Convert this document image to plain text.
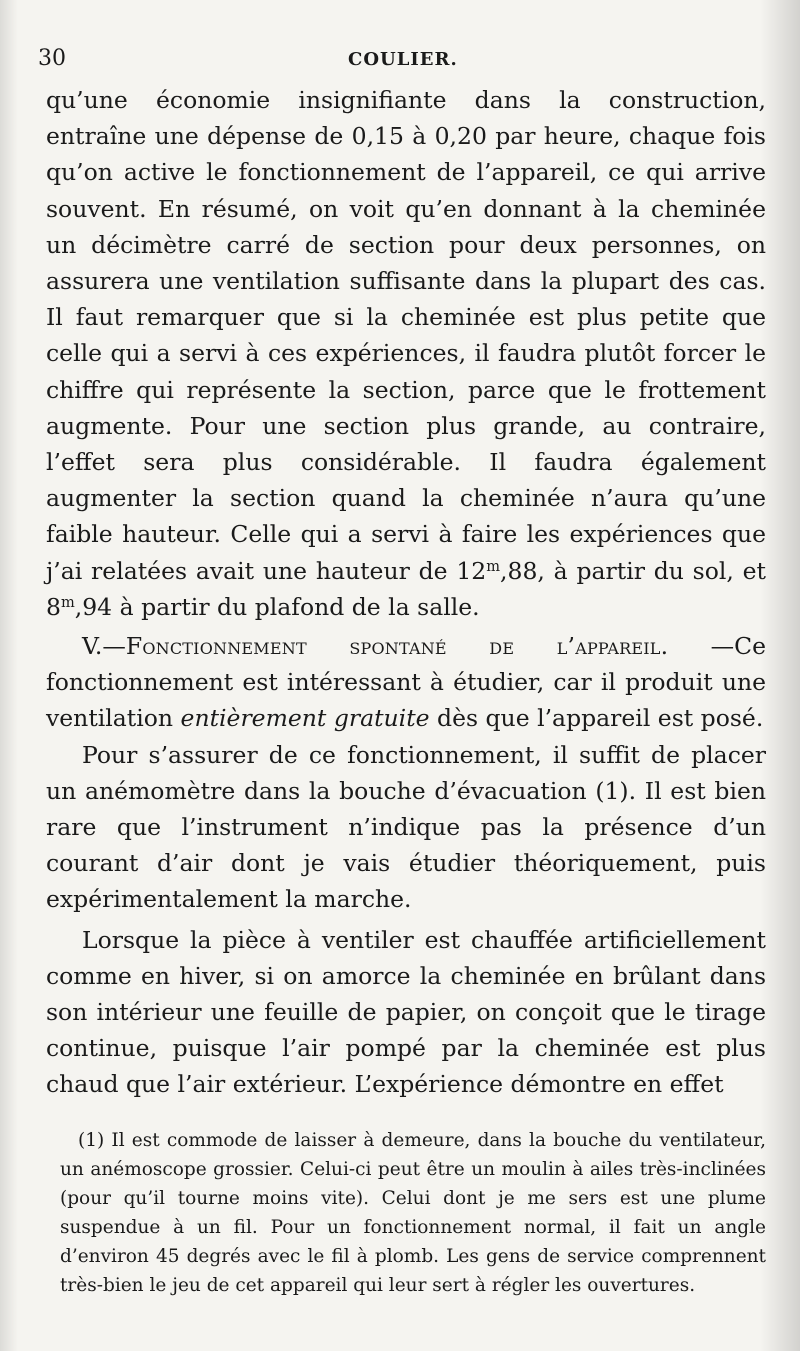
30	COULIER.

qu’une économie insignifiante dans la construction, entraîne une dépense de 0,15 à 0,20 par heure, chaque fois qu’on active le fonctionnement de l’appareil, ce qui arrive souvent. En résumé, on voit qu’en donnant à la cheminée un décimètre carré de section pour deux personnes, on assurera une ventilation suffisante dans la plupart des cas. Il faut remarquer que si la cheminée est plus petite que celle qui a servi à ces expériences, il faudra plutôt forcer le chiffre qui représente la section, parce que le frottement augmente. Pour une section plus grande, au contraire, l’effet sera plus considérable. Il faudra également augmenter la section quand la cheminée n’aura qu’une faible hauteur. Celle qui a servi à faire les expériences que j’ai relatées avait une hauteur de 12$^m$,88, à partir du sol, et 8$^m$,94 à partir du plafond de la salle.

V.—Fonctionnement spontané de l’appareil. —Ce fonctionnement est intéressant à étudier, car il produit une ventilation entièrement gratuite dès que l’appareil est posé.

Pour s’assurer de ce fonctionnement, il suffit de placer un anémomètre dans la bouche d’évacuation (1). Il est bien rare que l’instrument n’indique pas la présence d’un courant d’air dont je vais étudier théoriquement, puis expérimentalement la marche.

Lorsque la pièce à ventiler est chauffée artificiellement comme en hiver, si on amorce la cheminée en brûlant dans son intérieur une feuille de papier, on conçoit que le tirage continue, puisque l’air pompé par la cheminée est plus chaud que l’air extérieur. L’expérience démontre en effet

(1) Il est commode de laisser à demeure, dans la bouche du ventilateur, un anémoscope grossier. Celui-ci peut être un moulin à ailes très-inclinées (pour qu’il tourne moins vite). Celui dont je me sers est une plume suspendue à un fil. Pour un fonctionnement normal, il fait un angle d’environ 45 degrés avec le fil à plomb. Les gens de service comprennent très-bien le jeu de cet appareil qui leur sert à régler les ouvertures.
